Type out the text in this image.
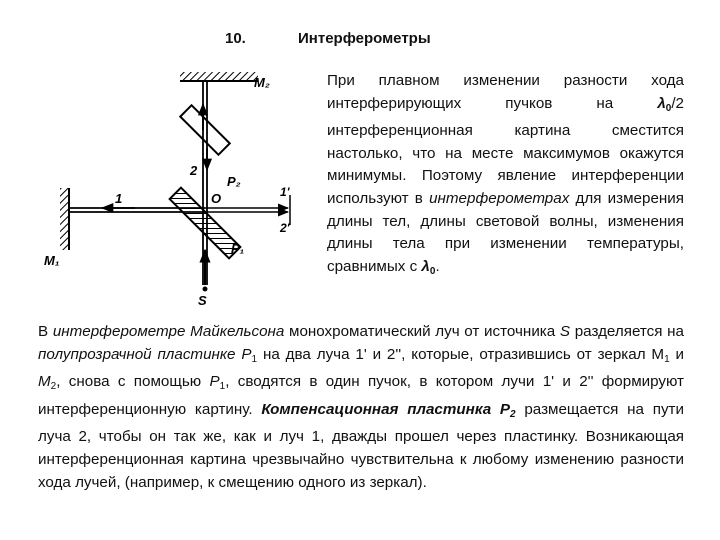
10.	Интерферометры
M₂
M₁
P₂
P₁
S
O
1	1'
2'
2
При плавном изменении разности хода интерферирующих пучков на $\lambda_0/2$ интерференционная картина сместится настолько, что на месте максимумов окажутся минимумы. Поэтому явление интерференции используют в интерферометрах для измерения длины тел, длины световой волны, изменения длины тела при изменении температуры, сравнимых с $\lambda_0$.
В интерферометре Майкельсона монохроматический луч от источника S разделяется на полупрозрачной пластинке $P_1$ на два луча 1' и 2'', которые, отразившись от зеркал $M_1$ и $M_2$, снова с помощью $P_1$, сводятся в один пучок, в котором лучи 1' и 2'' формируют интерференционную картину. Компенсационная пластинка $P_2$ размещается на пути луча 2, чтобы он так же, как и луч 1, дважды прошел через пластинку. Возникающая интерференционная картина чрезвычайно чувствительна к любому изменению разности хода лучей, (например, к смещению одного из зеркал).
